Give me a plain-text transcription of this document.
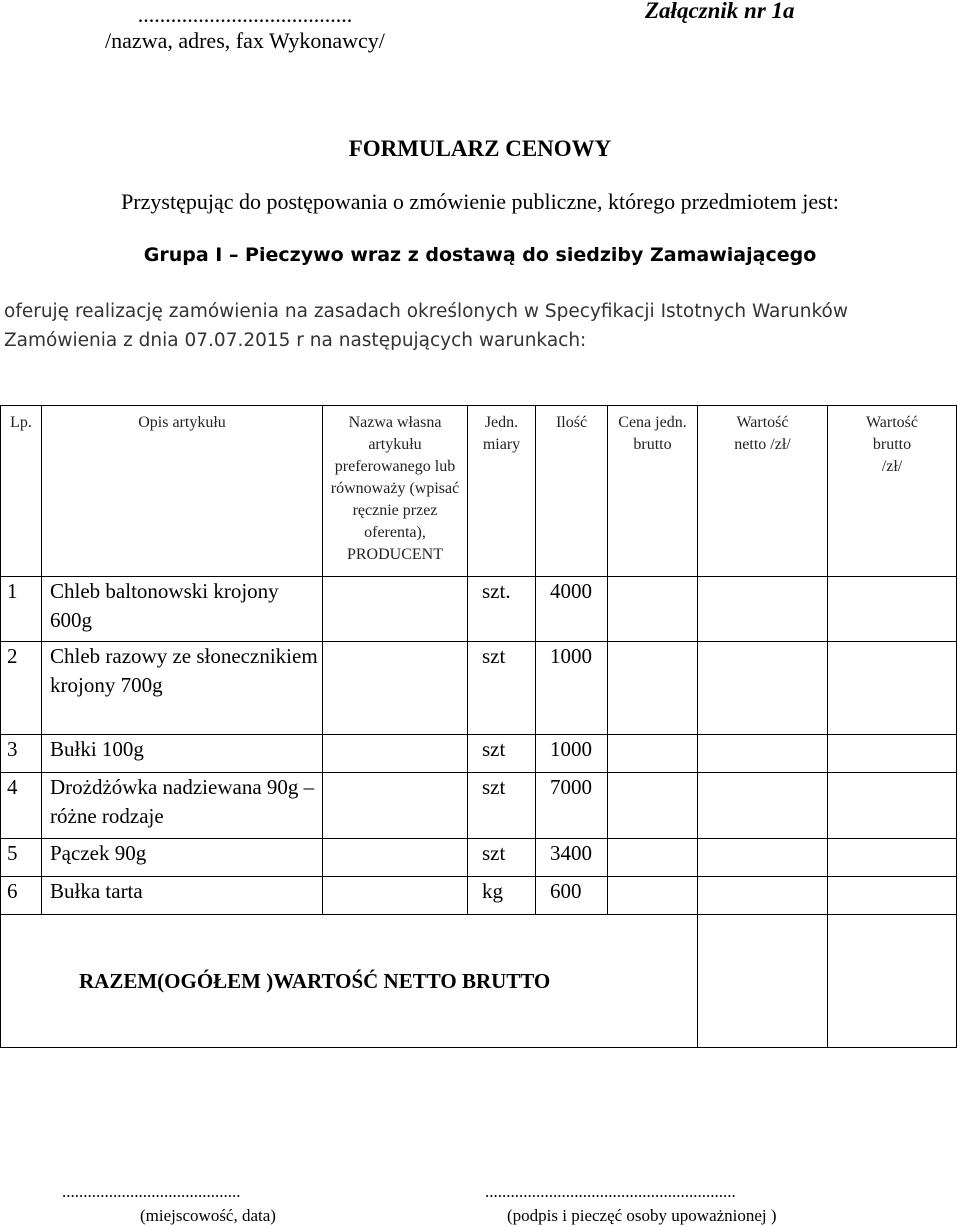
.......................................
/nazwa, adres, fax Wykonawcy/
Załącznik nr 1a
FORMULARZ CENOWY
Przystępując do postępowania o zmówienie publiczne, którego przedmiotem jest:
Grupa I – Pieczywo wraz z dostawą do siedziby Zamawiającego
oferuję realizację zamówienia na zasadach określonych w Specyfikacji Istotnych Warunków
Zamówienia z dnia 07.07.2015 r na następujących warunkach:
Lp.	Opis artykułu	Nazwa własna artykułu preferowanego lub równoważy (wpisać ręcznie przez oferenta), PRODUCENT	Jedn. miary	Ilość	Cena jedn. brutto	Wartość netto /zł/	Wartość brutto /zł/
1	Chleb baltonowski krojony 600g		szt.	4000			
2	Chleb razowy ze słonecznikiem krojony 700g		szt	1000			
3	Bułki 100g		szt	1000			
4	Drożdżówka nadziewana 90g – różne rodzaje		szt	7000			
5	Pączek 90g		szt	3400			
6	Bułka tarta		kg	600			
RAZEM(OGÓŁEM )WARTOŚĆ NETTO BRUTTO							
..........................................
(miejscowość, data)
...........................................................
(podpis i pieczęć osoby upoważnionej )
